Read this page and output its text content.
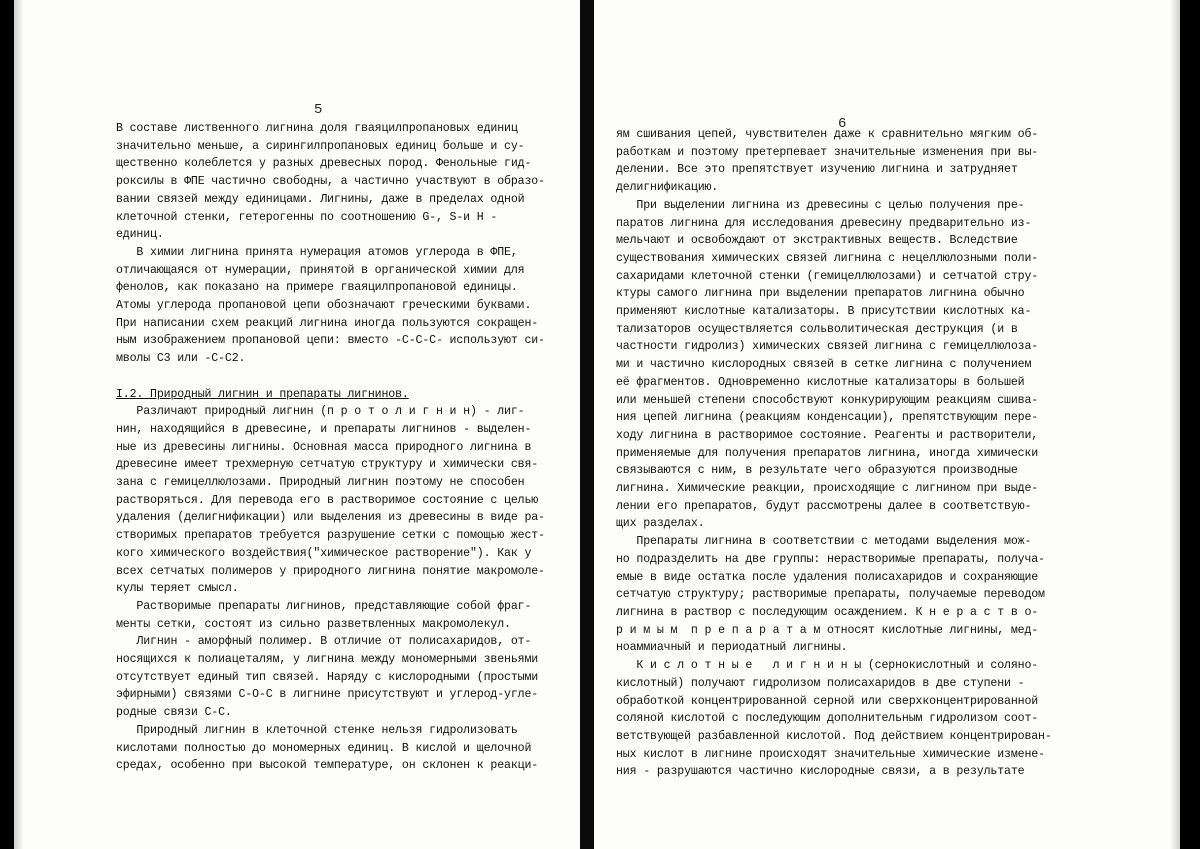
5
В составе лиственного лигнина доля гваяцилпропановых единиц
значительно меньше, а сирингилпропановых единиц больше и су-
щественно колеблется у разных древесных пород. Фенольные гид-
роксилы в ФПЕ частично свободны, а частично участвуют в образо-
вании связей между единицами. Лигнины, даже в пределах одной
клеточной стенки, гетерогенны по соотношению G-, S-и H -
единиц.
В химии лигнина принята нумерация атомов углерода в ФПЕ,
отличающаяся от нумерации, принятой в органической химии для
фенолов, как показано на примере гваяцилпропановой единицы.
Атомы углерода пропановой цепи обозначают греческими буквами.
При написании схем реакций лигнина иногда пользуются сокращен-
ным изображением пропановой цепи: вместо -С-С-С- используют си-
мволы C3 или -C-C2.
I.2. Природный лигнин и препараты лигнинов.
Различают природный лигнин (п р о т о л и г н и н) - лиг-
нин, находящийся в древесине, и препараты лигнинов - выделен-
ные из древесины лигнины. Основная масса природного лигнина в
древесине имеет трехмерную сетчатую структуру и химически свя-
зана с гемицеллюлозами. Природный лигнин поэтому не способен
растворяться. Для перевода его в растворимое состояние с целью
удаления (делигнификации) или выделения из древесины в виде ра-
створимых препаратов требуется разрушение сетки с помощью жест-
кого химического воздействия("химическое растворение"). Как у
всех сетчатых полимеров у природного лигнина понятие макромоле-
кулы теряет смысл.
Растворимые препараты лигнинов, представляющие собой фраг-
менты сетки, состоят из сильно разветвленных макромолекул.
Лигнин - аморфный полимер. В отличие от полисахаридов, от-
носящихся к полиацеталям, у лигнина между мономерными звеньями
отсутствует единый тип связей. Наряду с кислородными (простыми
эфирными) связями С-О-С в лигнине присутствуют и углерод-угле-
родные связи С-С.
Природный лигнин в клеточной стенке нельзя гидролизовать
кислотами полностью до мономерных единиц. В кислой и щелочной
средах, особенно при высокой температуре, он склонен к реакци-
6
ям сшивания цепей, чувствителен даже к сравнительно мягким об-
работкам и поэтому претерпевает значительные изменения при вы-
делении. Все это препятствует изучению лигнина и затрудняет
делигнификацию.
При выделении лигнина из древесины с целью получения пре-
паратов лигнина для исследования древесину предварительно из-
мельчают и освобождают от экстрактивных веществ. Вследствие
существования химических связей лигнина с нецеллюлозными поли-
сахаридами клеточной стенки (гемицеллюлозами) и сетчатой стру-
ктуры самого лигнина при выделении препаратов лигнина обычно
применяют кислотные катализаторы. В присутствии кислотных ка-
тализаторов осуществляется сольволитическая деструкция (и в
частности гидролиз) химических связей лигнина с гемицеллюлоза-
ми и частично кислородных связей в сетке лигнина с получением
её фрагментов. Одновременно кислотные катализаторы в большей
или меньшей степени способствуют конкурирующим реакциям сшива-
ния цепей лигнина (реакциям конденсации), препятствующим пере-
ходу лигнина в растворимое состояние. Реагенты и растворители,
применяемые для получения препаратов лигнина, иногда химически
связываются с ним, в результате чего образуются производные
лигнина. Химические реакции, происходящие с лигнином при выде-
лении его препаратов, будут рассмотрены далее в соответствую-
щих разделах.
Препараты лигнина в соответствии с методами выделения мож-
но подразделить на две группы: нерастворимые препараты, получа-
емые в виде остатка после удаления полисахаридов и сохраняющие
сетчатую структуру; растворимые препараты, получаемые переводом
лигнина в раствор с последующим осаждением. К н е р а с т в о-
р и м ы м  п р е п а р а т а м относят кислотные лигнины, мед-
ноаммиачный и периодатный лигнины.
К и с л о т н ы е   л и г н и н ы (сернокислотный и соляно-
кислотный) получают гидролизом полисахаридов в две ступени -
обработкой концентрированной серной или сверхконцентрированной
соляной кислотой с последующим дополнительным гидролизом соот-
ветствующей разбавленной кислотой. Под действием концентрирован-
ных кислот в лигнине происходят значительные химические измене-
ния - разрушаются частично кислородные связи, а в результате
